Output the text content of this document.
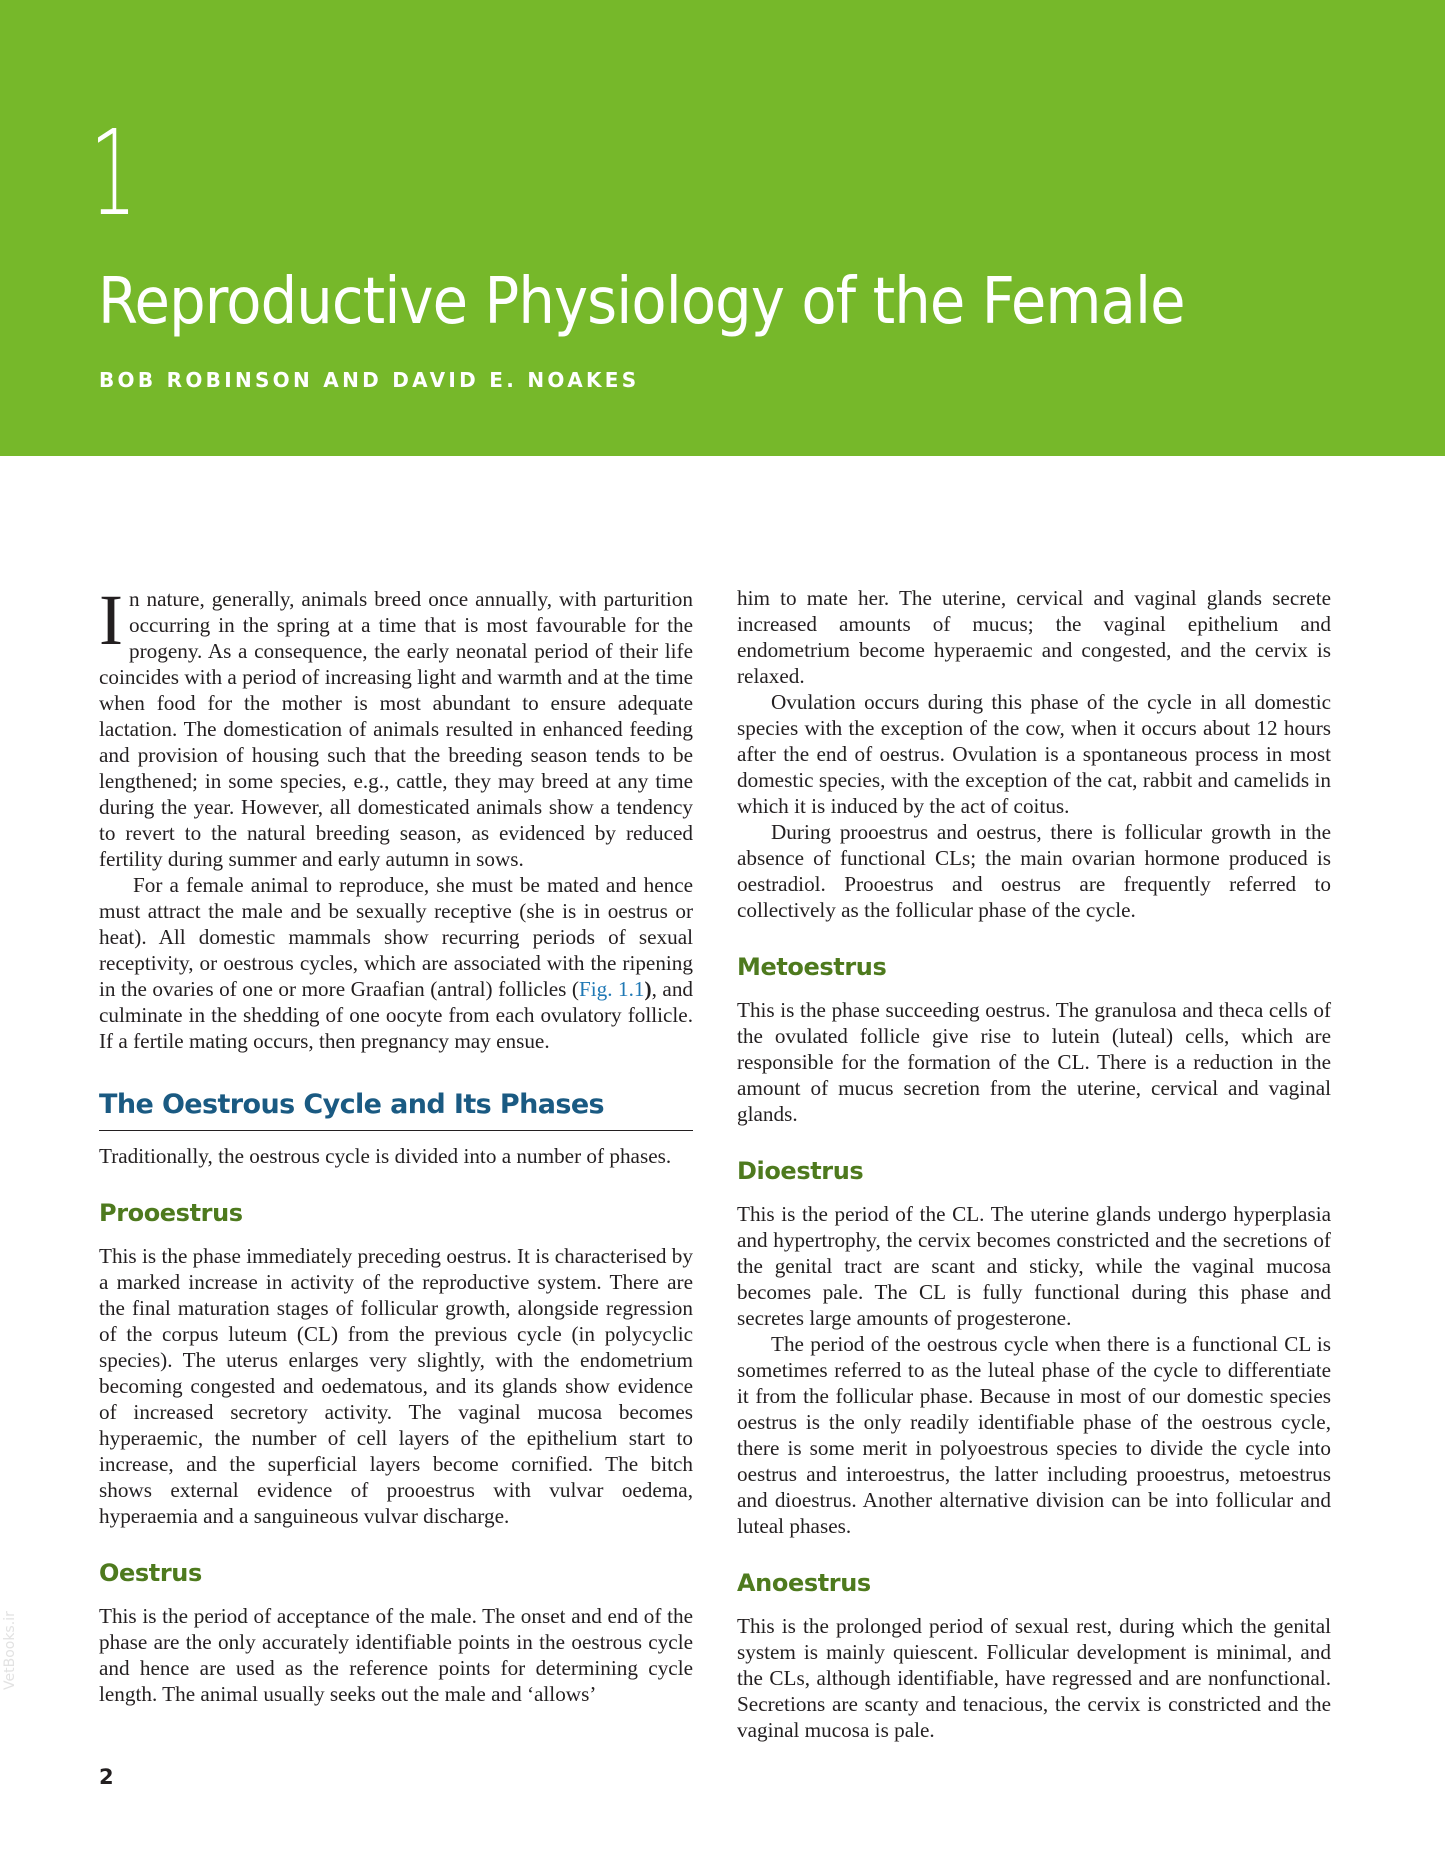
1
Reproductive Physiology of the Female
BOB ROBINSON AND DAVID E. NOAKES

In nature, generally, animals breed once annually, with parturition occurring in the spring at a time that is most favourable for the progeny. As a consequence, the early neonatal period of their life coincides with a period of increasing light and warmth and at the time when food for the mother is most abundant to ensure adequate lactation. The domestication of animals resulted in enhanced feeding and provision of housing such that the breeding season tends to be lengthened; in some species, e.g., cattle, they may breed at any time during the year. However, all domesticated animals show a tendency to revert to the natural breeding season, as evidenced by reduced fertility during summer and early autumn in sows.

For a female animal to reproduce, she must be mated and hence must attract the male and be sexually receptive (she is in oestrus or heat). All domestic mammals show recurring periods of sexual receptivity, or oestrous cycles, which are associated with the ripening in the ovaries of one or more Graafian (antral) follicles (Fig. 1.1), and culminate in the shedding of one oocyte from each ovulatory follicle. If a fertile mating occurs, then pregnancy may ensue.

The Oestrous Cycle and Its Phases

Traditionally, the oestrous cycle is divided into a number of phases.

Prooestrus

This is the phase immediately preceding oestrus. It is characterised by a marked increase in activity of the reproductive system. There are the final maturation stages of follicular growth, alongside regression of the corpus luteum (CL) from the previous cycle (in polycyclic species). The uterus enlarges very slightly, with the endometrium becoming congested and oedematous, and its glands show evidence of increased secretory activity. The vaginal mucosa becomes hyperaemic, the number of cell layers of the epithelium start to increase, and the superficial layers become cornified. The bitch shows external evidence of prooestrus with vulvar oedema, hyperaemia and a sanguineous vulvar discharge.

Oestrus

This is the period of acceptance of the male. The onset and end of the phase are the only accurately identifiable points in the oestrous cycle and hence are used as the reference points for determining cycle length. The animal usually seeks out the male and ‘allows’

him to mate her. The uterine, cervical and vaginal glands secrete increased amounts of mucus; the vaginal epithelium and endometrium become hyperaemic and congested, and the cervix is relaxed.

Ovulation occurs during this phase of the cycle in all domestic species with the exception of the cow, when it occurs about 12 hours after the end of oestrus. Ovulation is a spontaneous process in most domestic species, with the exception of the cat, rabbit and camelids in which it is induced by the act of coitus.

During prooestrus and oestrus, there is follicular growth in the absence of functional CLs; the main ovarian hormone produced is oestradiol. Prooestrus and oestrus are frequently referred to collectively as the follicular phase of the cycle.

Metoestrus

This is the phase succeeding oestrus. The granulosa and theca cells of the ovulated follicle give rise to lutein (luteal) cells, which are responsible for the formation of the CL. There is a reduction in the amount of mucus secretion from the uterine, cervical and vaginal glands.

Dioestrus

This is the period of the CL. The uterine glands undergo hyperplasia and hypertrophy, the cervix becomes constricted and the secretions of the genital tract are scant and sticky, while the vaginal mucosa becomes pale. The CL is fully functional during this phase and secretes large amounts of progesterone.

The period of the oestrous cycle when there is a functional CL is sometimes referred to as the luteal phase of the cycle to differentiate it from the follicular phase. Because in most of our domestic species oestrus is the only readily identifiable phase of the oestrous cycle, there is some merit in polyoestrous species to divide the cycle into oestrus and interoestrus, the latter including prooestrus, metoestrus and dioestrus. Another alternative division can be into follicular and luteal phases.

Anoestrus

This is the prolonged period of sexual rest, during which the genital system is mainly quiescent. Follicular development is minimal, and the CLs, although identifiable, have regressed and are nonfunctional. Secretions are scanty and tenacious, the cervix is constricted and the vaginal mucosa is pale.

2
VetBooks.ir
